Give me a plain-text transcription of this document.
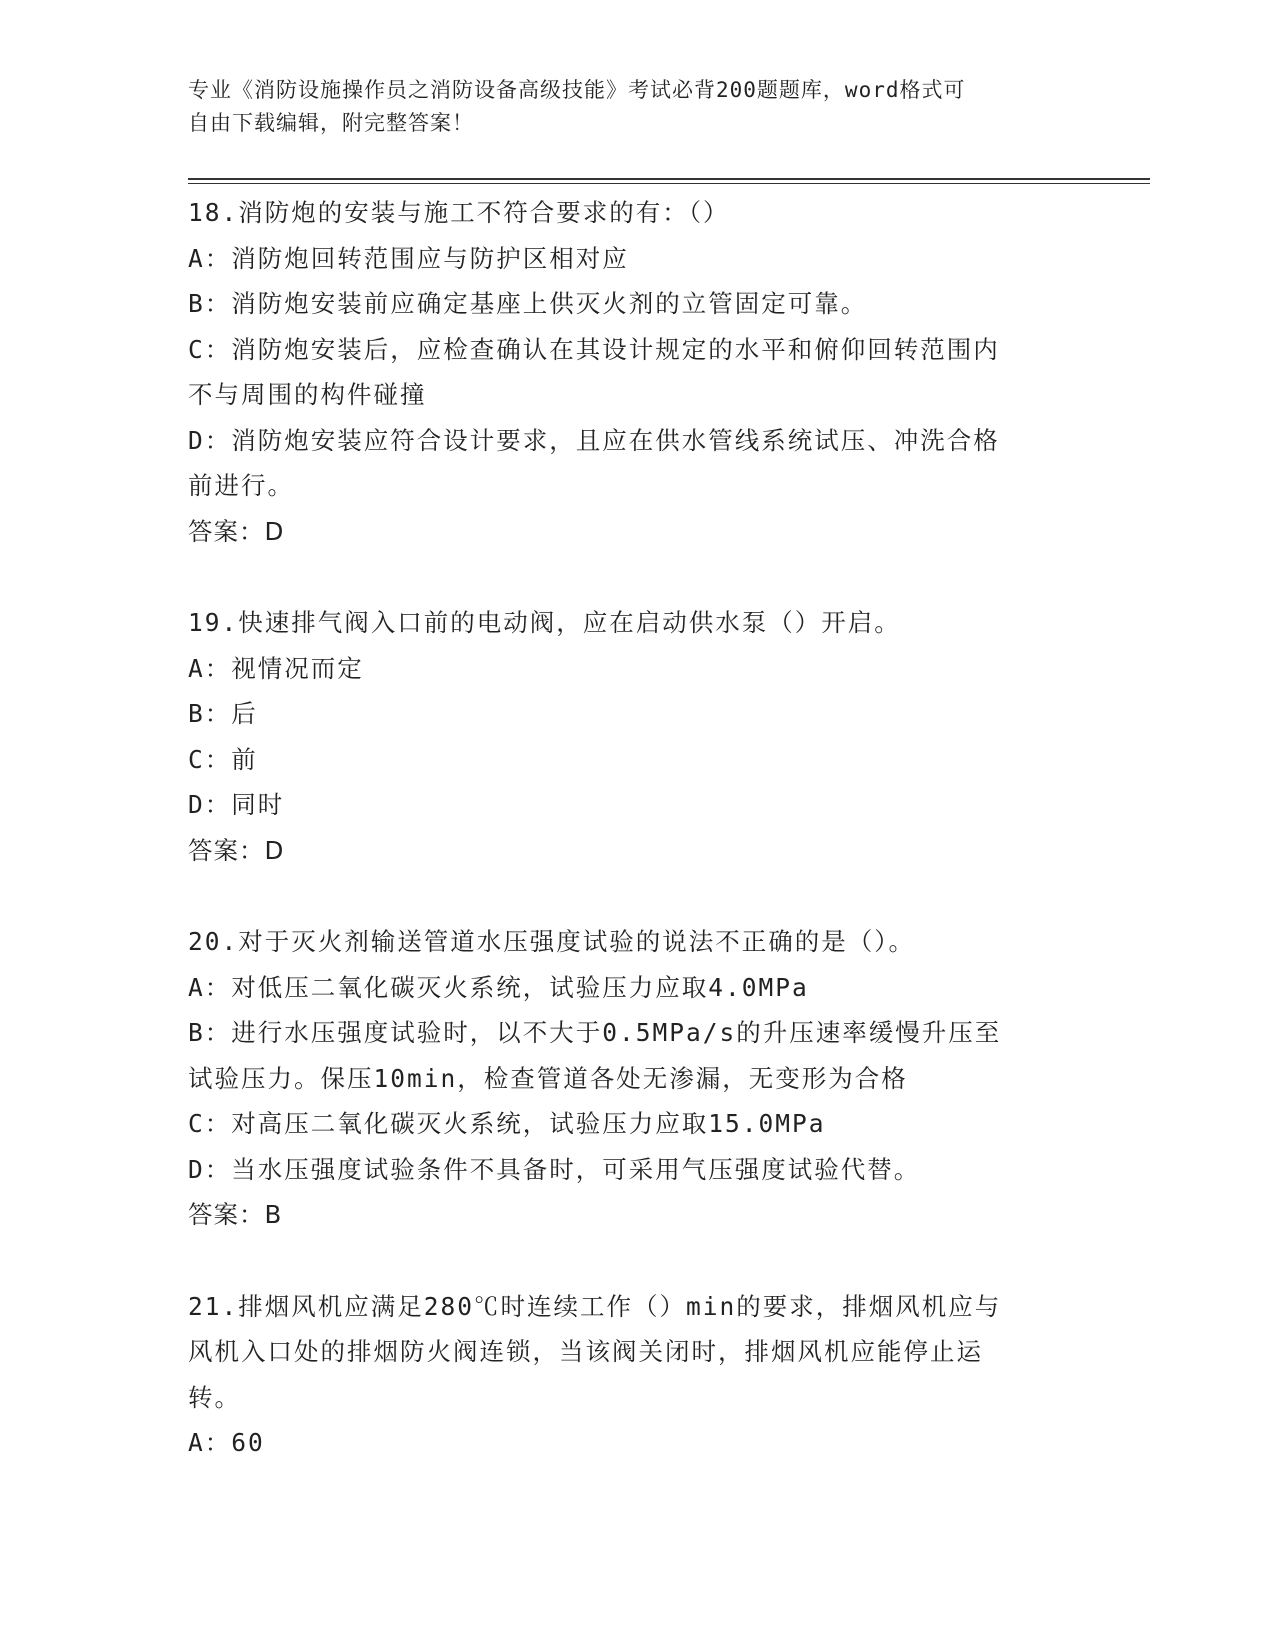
专业《消防设施操作员之消防设备高级技能》考试必背200题题库，word格式可
自由下载编辑，附完整答案！

18.消防炮的安装与施工不符合要求的有：（）

A：消防炮回转范围应与防护区相对应

B：消防炮安装前应确定基座上供灭火剂的立管固定可靠。

C：消防炮安装后，应检查确认在其设计规定的水平和俯仰回转范围内

不与周围的构件碰撞

D：消防炮安装应符合设计要求，且应在供水管线系统试压、冲洗合格

前进行。

答案：D

19.快速排气阀入口前的电动阀，应在启动供水泵（）开启。

A：视情况而定

B：后

C：前

D：同时

答案：D

20.对于灭火剂输送管道水压强度试验的说法不正确的是（）。

A：对低压二氧化碳灭火系统，试验压力应取4.0MPa

B：进行水压强度试验时，以不大于0.5MPa/s的升压速率缓慢升压至

试验压力。保压10min，检查管道各处无渗漏，无变形为合格

C：对高压二氧化碳灭火系统，试验压力应取15.0MPa

D：当水压强度试验条件不具备时，可采用气压强度试验代替。

答案：B

21.排烟风机应满足280℃时连续工作（）min的要求，排烟风机应与

风机入口处的排烟防火阀连锁，当该阀关闭时，排烟风机应能停止运

转。

A：60
